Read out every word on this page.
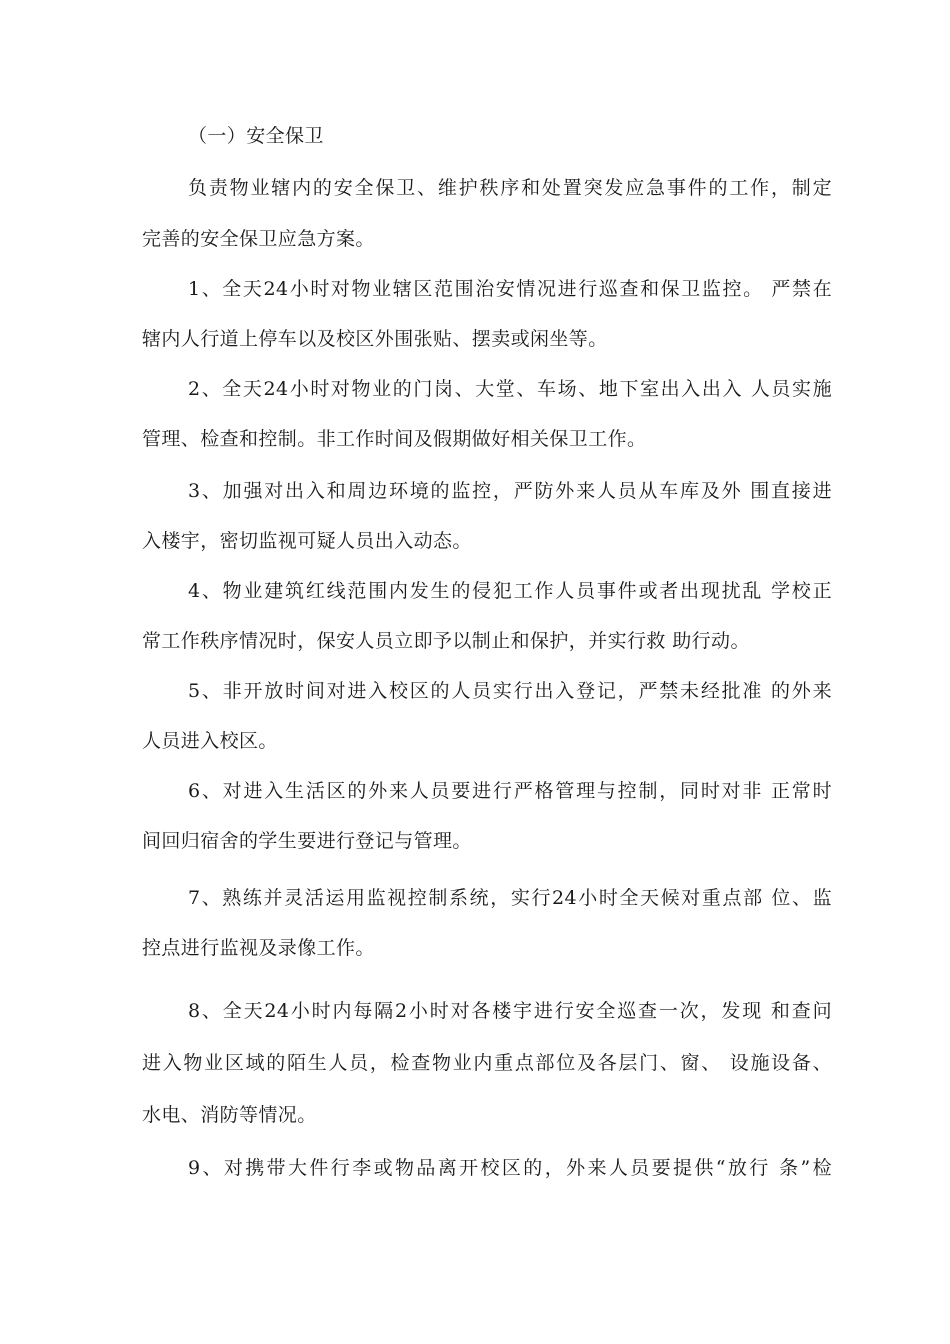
（一）安全保卫
负责物业辖内的安全保卫、维护秩序和处置突发应急事件的工作，制定
完善的安全保卫应急方案。
1、全天24小时对物业辖区范围治安情况进行巡查和保卫监控。 严禁在
辖内人行道上停车以及校区外围张贴、摆卖或闲坐等。
2、全天24小时对物业的门岗、大堂、车场、地下室出入出入 人员实施
管理、检查和控制。非工作时间及假期做好相关保卫工作。
3、加强对出入和周边环境的监控，严防外来人员从车库及外 围直接进
入楼宇，密切监视可疑人员出入动态。
4、物业建筑红线范围内发生的侵犯工作人员事件或者出现扰乱 学校正
常工作秩序情况时，保安人员立即予以制止和保护，并实行救 助行动。
5、非开放时间对进入校区的人员实行出入登记，严禁未经批准 的外来
人员进入校区。
6、对进入生活区的外来人员要进行严格管理与控制，同时对非 正常时
间回归宿舍的学生要进行登记与管理。
7、熟练并灵活运用监视控制系统，实行24小时全天候对重点部 位、监
控点进行监视及录像工作。
8、全天24小时内每隔2小时对各楼宇进行安全巡查一次，发现 和查问
进入物业区域的陌生人员，检查物业内重点部位及各层门、窗、 设施设备、
水电、消防等情况。
9、对携带大件行李或物品离开校区的，外来人员要提供“放行 条”检
